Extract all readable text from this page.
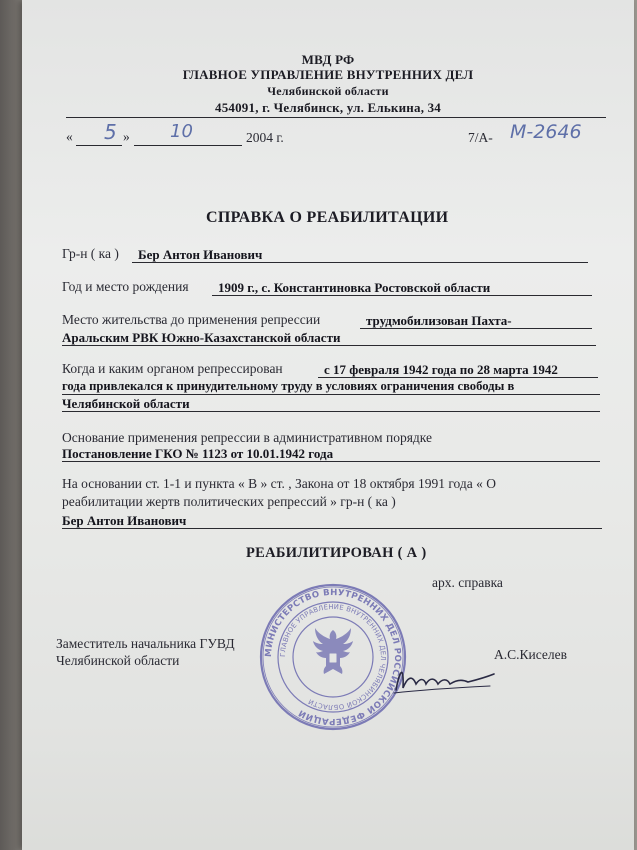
МВД РФ
ГЛАВНОЕ УПРАВЛЕНИЕ ВНУТРЕННИХ ДЕЛ
Челябинской области
454091, г. Челябинск, ул. Елькина, 34
« 5 » 10	2004 г.	7/А- М-2646
СПРАВКА О РЕАБИЛИТАЦИИ
Гр-н ( ка ) Бер Антон Иванович
Год и место рождения 1909 г., с. Константиновка Ростовской области
Место жительства до применения репрессии	трудмобилизован Пахта-
Аральским РВК Южно-Казахстанской области
Когда и каким органом репрессирован	с 17 февраля 1942 года по 28 марта 1942
года привлекался к принудительному труду в условиях ограничения свободы в
Челябинской области
Основание применения репрессии в административном порядке
Постановление ГКО № 1123 от 10.01.1942 года
На основании ст. 1-1 и пункта « В » ст. , Закона от 18 октября 1991 года « О
реабилитации жертв политических репрессий » гр-н ( ка )
Бер Антон Иванович
РЕАБИЛИТИРОВАН ( А )
арх. справка
Заместитель начальника ГУВД
Челябинской области	А.С.Киселев
МИНИСТЕРСТВО ВНУТРЕННИХ ДЕЛ РОССИЙСКОЙ ФЕДЕРАЦИИ
ГЛАВНОЕ УПРАВЛЕНИЕ ВНУТРЕННИХ ДЕЛ ЧЕЛЯБИНСКОЙ ОБЛАСТИ
